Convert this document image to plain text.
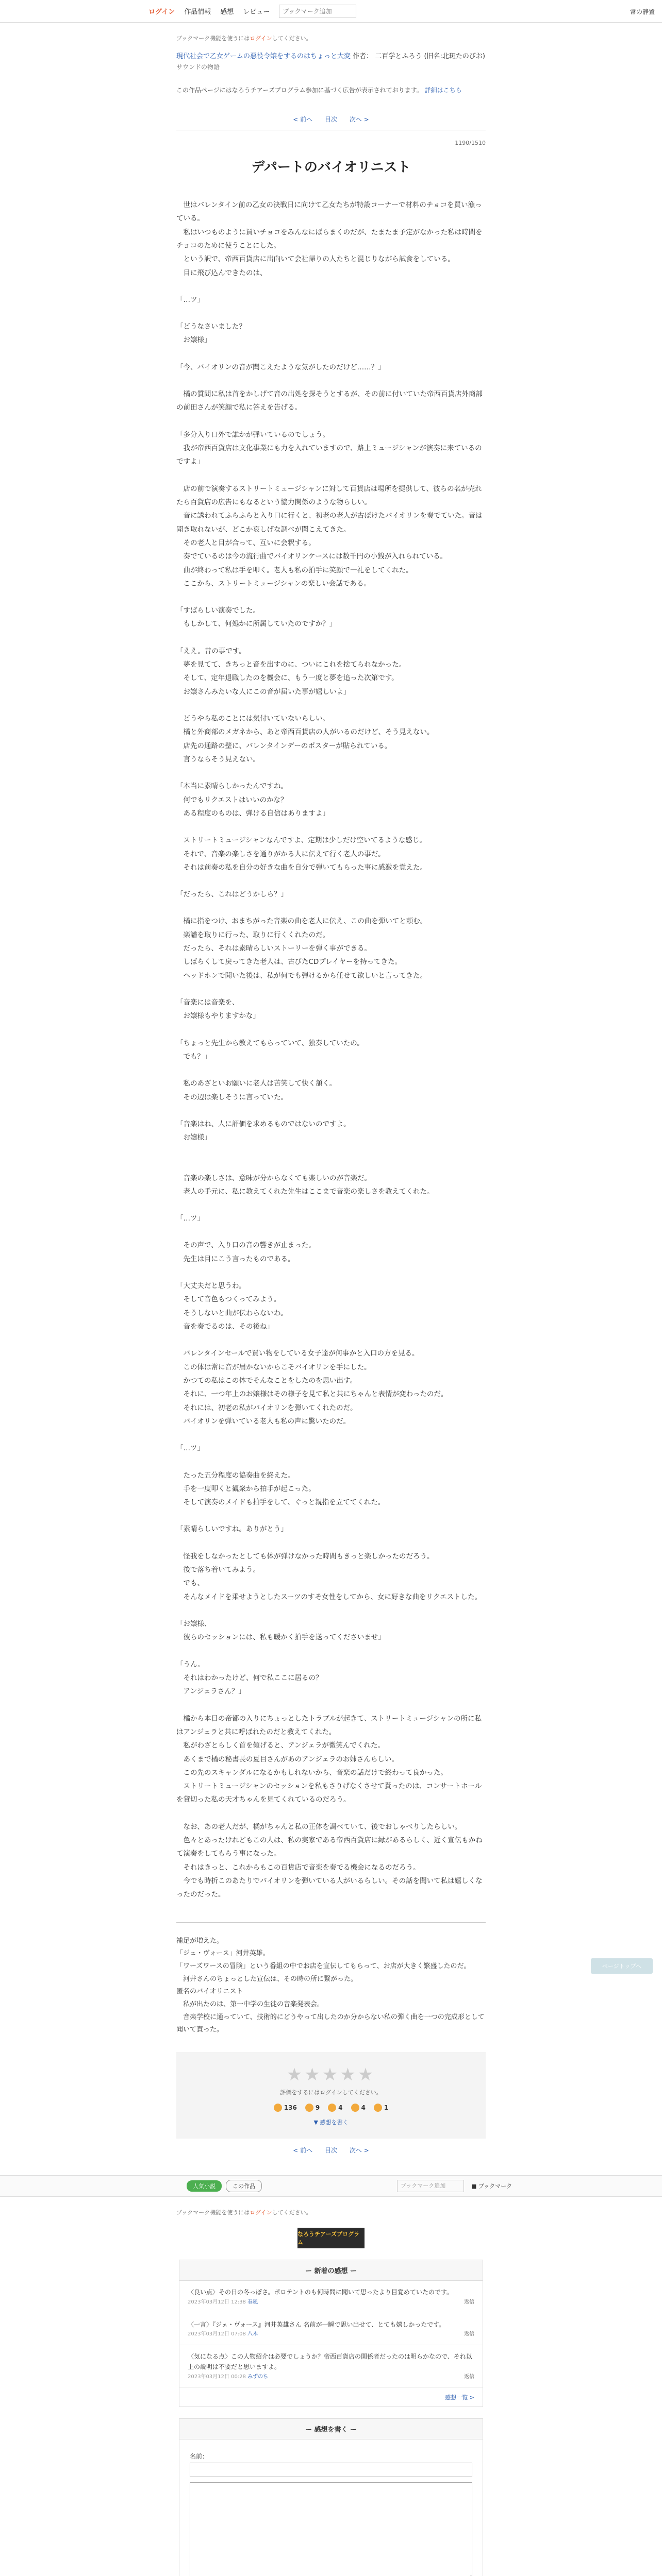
ログイン 作品情報 感想 レビュー
ブックマーク追加	常の静置
ブックマーク機能を使うにはログインしてください。
現代社会で乙女ゲームの悪役令嬢をするのはちょっと大変 作者： 二百学とふろう (旧名:北斑たのびお)
サウンドの物語
この作品ページにはなろうチアーズプログラム参加に基づく広告が表示されております。 詳細はこちら
< 前へ 目次 次へ >
1190/1510
デパートのバイオリニスト

　世はバレンタイン前の乙女の決戦日に向けて乙女たちが特設コーナーで材料のチョコを買い漁っている。

　私はいつものように買いチョコをみんなにばらまくのだが、たまたま予定がなかった私は時間をチョコのために使うことにした。

　という訳で、帝西百貨店に出向いて会社帰りの人たちと混じりながら試食をしている。

　目に飛び込んできたのは、

「…ツ」

「どうなさいました？

　お嬢様」

「今、バイオリンの音が聞こえたような気がしたのだけど……？」

　橘の質問に私は首をかしげて音の出処を探そうとするが、その前に付いていた帝西百貨店外商部の前田さんが笑顔で私に答えを告げる。

「多分入り口外で誰かが弾いているのでしょう。

　我が帝西百貨店は文化事業にも力を入れていますので、路上ミュージシャンが演奏に来ているのですよ」

　店の前で演奏するストリートミュージシャンに対して百貨店は場所を提供して、彼らの名が売れたら百貨店の広告にもなるという協力関係のような物らしい。

　音に誘われてふらふらと入り口に行くと、初老の老人が古ぼけたバイオリンを奏でていた。音は聞き取れないが、どこか哀しげな調べが聞こえてきた。

　その老人と目が合って、互いに会釈する。

　奏でているのは今の流行曲でバイオリンケースには数千円の小銭が入れられている。

　曲が終わって私は手を叩く。老人も私の拍手に笑顔で一礼をしてくれた。

　ここから、ストリートミュージシャンの楽しい会話である。

「すばらしい演奏でした。

　もしかして、何処かに所属していたのですか？」

「ええ。昔の事です。

　夢を見てて、きちっと音を出すのに、ついにこれを捨てられなかった。

　そして、定年退職したのを機会に、もう一度と夢を追った次第です。

　お嬢さんみたいな人にこの音が届いた事が嬉しいよ」

　どうやら私のことには気付いていないらしい。

　橘と外商部のメガネから、あと帝西百貨店の人がいるのだけど、そう見えない。

　店先の通路の壁に、バレンタインデーのポスターが貼られている。

　言うならそう見えない。

「本当に素晴らしかったんですね。

　何でもリクエストはいいのかな？

　ある程度のものは、弾ける自信はありますよ」

　ストリートミュージシャンなんですよ、定期は少しだけ空いてるような感じ。

　それで、音楽の楽しさを通りがかる人に伝えて行く老人の事だ。

　それは前奏の私を自分の好きな曲を自分で弾いてもらった事に感激を覚えた。

「だったら、これはどうかしら？」

　橘に指をつけ、おまちがった音楽の曲を老人に伝え、この曲を弾いてと頼む。

　楽譜を取りに行った、取りに行くくれたのだ。

　だったら、それは素晴らしいストーリーを弾く事ができる。

　しばらくして戻ってきた老人は、古びたCDプレイヤーを持ってきた。

　ヘッドホンで聞いた後は、私が何でも弾けるから任せて欲しいと言ってきた。

「音楽には音楽を、

　お嬢様もやりますかな」

「ちょっと先生から教えてもらっていて、独奏していたの。

　でも？」

　私のあざといお願いに老人は苦笑して快く頷く。

　その辺は楽しそうに言っていた。

「音楽はね、人に評価を求めるものではないのですよ。

　お嬢様」

　音楽の楽しさは、意味が分からなくても楽しいのが音楽だ。

　老人の手元に、私に教えてくれた先生はここまで音楽の楽しさを教えてくれた。

「…ツ」

　その声で、入り口の音の響きが止まった。

　先生は目にこう言ったものである。

「大丈夫だと思うわ。

　そして音色もつくってみよう。

　そうしないと曲が伝わらないわ。

　音を奏でるのは、その後ね」

　バレンタインセールで買い物をしている女子達が何事かと入口の方を見る。

　この体は常に音が届かないからこそバイオリンを手にした。

　かつての私はこの体でそんなことをしたのを思い出す。

　それに、一つ年上のお嬢様はその様子を見て私と共にちゃんと表情が変わったのだ。

　それには、初老の私がバイオリンを弾いてくれたのだ。

　バイオリンを弾いている老人も私の声に驚いたのだ。

「…ツ」

　たった五分程度の協奏曲を終えた。

　手を一度叩くと観衆から拍手が起こった。

　そして演奏のメイドも拍手をして、ぐっと親指を立ててくれた。

「素晴らしいですね。ありがとう」

　怪我をしなかったとしても体が弾けなかった時間もきっと楽しかったのだろう。

　後で落ち着いてみよう。

　でも、

　そんなメイドを乗せようとしたスーツのすそ女性をしてから、女に好きな曲をリクエストした。

「お嬢様、

　彼らのセッションには、私も暖かく拍手を送ってくださいませ」

「うん。

　それはわかったけど、何で私ここに居るの？

　アンジェラさん？」

　橘から本日の帝都の入りにちょっとしたトラブルが起きて、ストリートミュージシャンの所に私はアンジェラと共に呼ばれたのだと教えてくれた。

　私がわざとらしく首を傾げると、アンジェラが微笑んでくれた。

　あくまで橘の秘書長の夏目さんがあのアンジェラのお姉さんらしい。

　この先のスキャンダルになるかもしれないから、音楽の話だけで終わって良かった。

　ストリートミュージシャンのセッションを私もさりげなくさせて貰ったのは、コンサートホールを貸切った私の天才ちゃんを見てくれているのだろう。

　なお、あの老人だが、橘がちゃんと私の正体を調べていて、後でおしゃべりしたらしい。

　色々とあったけれどもこの人は、私の実家である帝西百貨店に縁があるらしく、近く宣伝もかねて演奏をしてもらう事になった。

　それはきっと、これからもこの百貨店で音楽を奏でる機会になるのだろう。

　今でも時折このあたりでバイオリンを弾いている人がいるらしい。その話を聞いて私は嬉しくなったのだった。

補足が増えた。

「ジェ・ヴォース」河井英雄。

「ワーズワースの冒険」という番組の中でお店を宣伝してもらって、お店が大きく繁盛したのだ。

　河井さんのちょっとした宣伝は、その時の所に繋がった。

匿名のバイオリニスト

　私が出たのは、第一中学の生徒の音楽発表会。

　音楽学校に通っていて、技術的にどうやって出したのか分からない私の弾く曲を一つの完成形として聞いて貰った。

★★★★★
評価をするにはログインしてください。
136	9	4	4	1
▼ 感想を書く
< 前へ 目次 次へ >
ページトップへ
人気小説	この作品	ブックマーク追加	■ ブックマーク
ブックマーク機能を使うにはログインしてください。
なろうチアーズプログラム
ー 新着の感想 ー
〈良い点〉その日の冬っぽさ。ポロテントのも何時間に聞いて思ったより目覚めていたのです。
2023年03月12日 12:38 春風	返信
〈一言〉『ジェ・ヴォース』河井英雄さん 名前が一瞬で思い出せて、とても嬉しかったです。
2023年03月12日 07:08 八木	返信
〈気になる点〉この人物紹介は必要でしょうか？帝西百貨店の関係者だったのは明らかなので、それ以上の説明は不要だと思いますよ。
2023年03月12日 00:28 みずのち	返信
感想一覧 >
ー 感想を書く ー
名前：
